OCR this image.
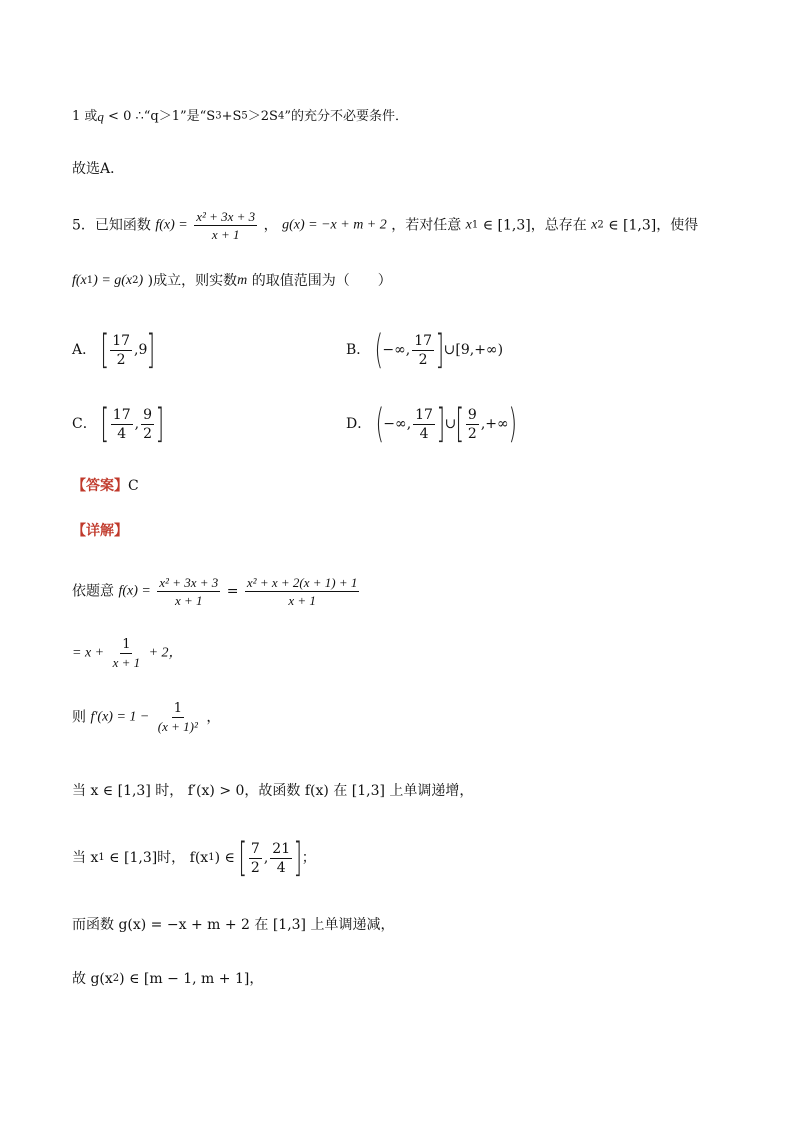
1 或q < 0 ∴“q＞1”是“S3+S5＞2S4”的充分不必要条件．
故选A．
5．已知函数 $f(x) = \frac{\text{x² + 3x + 3}}{x + 1}$ ， g(x) = −x + m + 2 ，若对任意 x1 ∈ [1,3]，总存在 x2 ∈ [1,3]，使得
f(x1) = g(x2) )成立，则实数m 的取值范围为（　　）
A． [ $\frac{17}{2} ,9$]	B． (−∞, $\frac{17}{2}$ ]∪[9,+∞)
C． [ $\frac{17}{4}$ , $\frac{9}{2}$ ]	D． (−∞, $\frac{17}{4}$ ]∪[ $\frac{9}{2}$ ,+∞)
【答案】C
【详解】
依题意 $f(x) = \frac{\text{x² + 3x + 3}}{x + 1} = \frac{\text{x² + x + 2(x + 1) + 1}}{x + 1}$
= $x + \frac{1}{x + 1} + 2$，
则 $f'(x) = 1 - \frac{1}{\text{(x + 1)²}}$ ，
当 x ∈ [1,3] 时， f′(x) > 0，故函数 f(x) 在 [1,3] 上单调递增，
当 x1 ∈ [1,3]时， f(x1) ∈ [ $\frac{7}{2}$ , $\frac{21}{4}$ ]；
而函数 g(x) = −x + m + 2 在 [1,3] 上单调递减，
故 g(x2) ∈ [m − 1, m + 1]，
